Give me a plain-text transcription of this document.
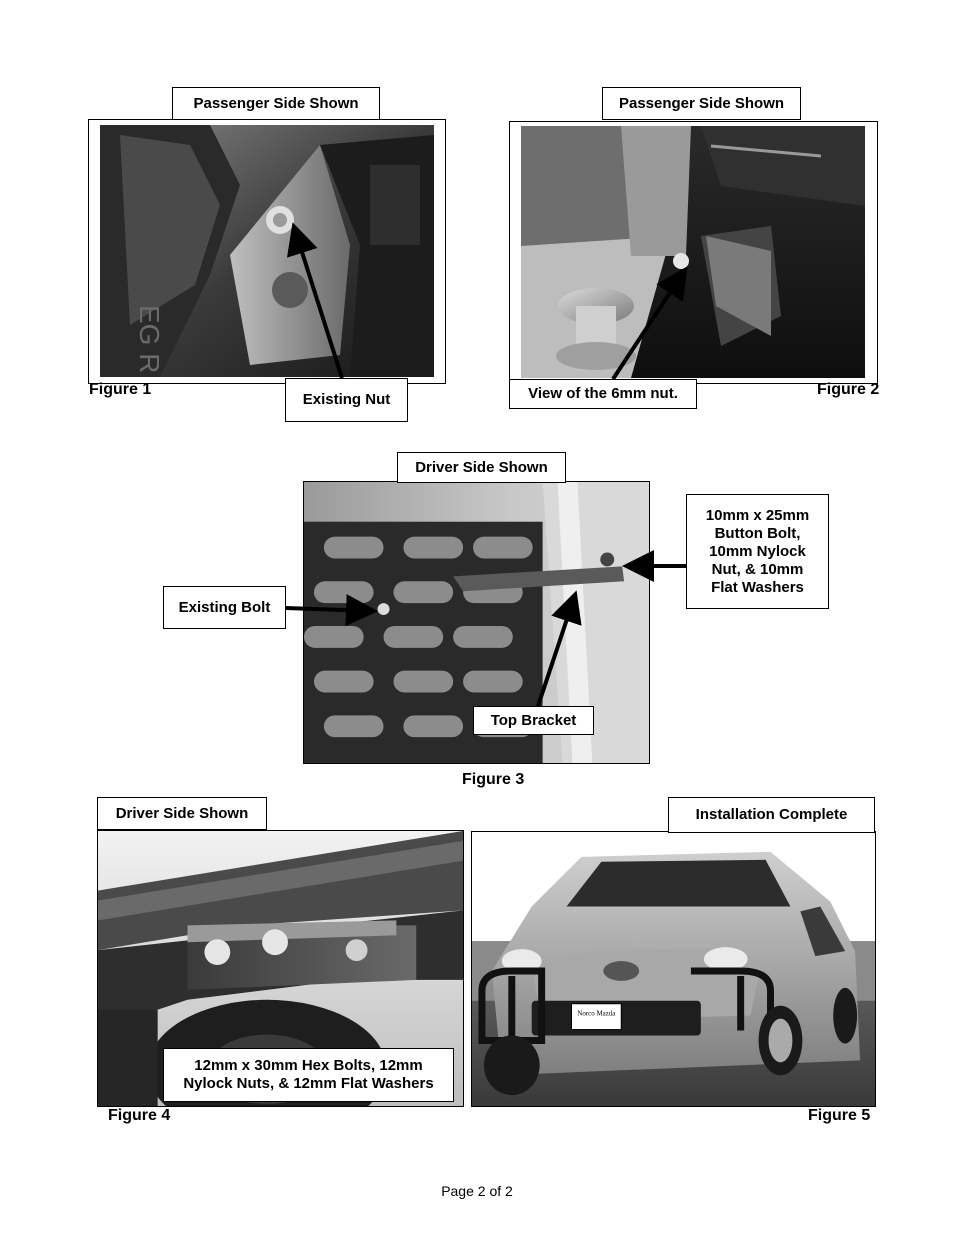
EG R
Passenger Side Shown
Existing Nut
Figure 1
Passenger Side Shown
View of the 6mm nut.	Figure 2
Driver Side Shown
Existing Bolt
10mm x 25mm Button Bolt, 10mm Nylock Nut, & 10mm Flat Washers
Top Bracket
Figure 3
Driver Side Shown
12mm x 30mm Hex Bolts, 12mm Nylock Nuts, & 12mm Flat Washers
Figure 4
Norco Mazda
Installation Complete
Figure 5
Page 2 of 2
